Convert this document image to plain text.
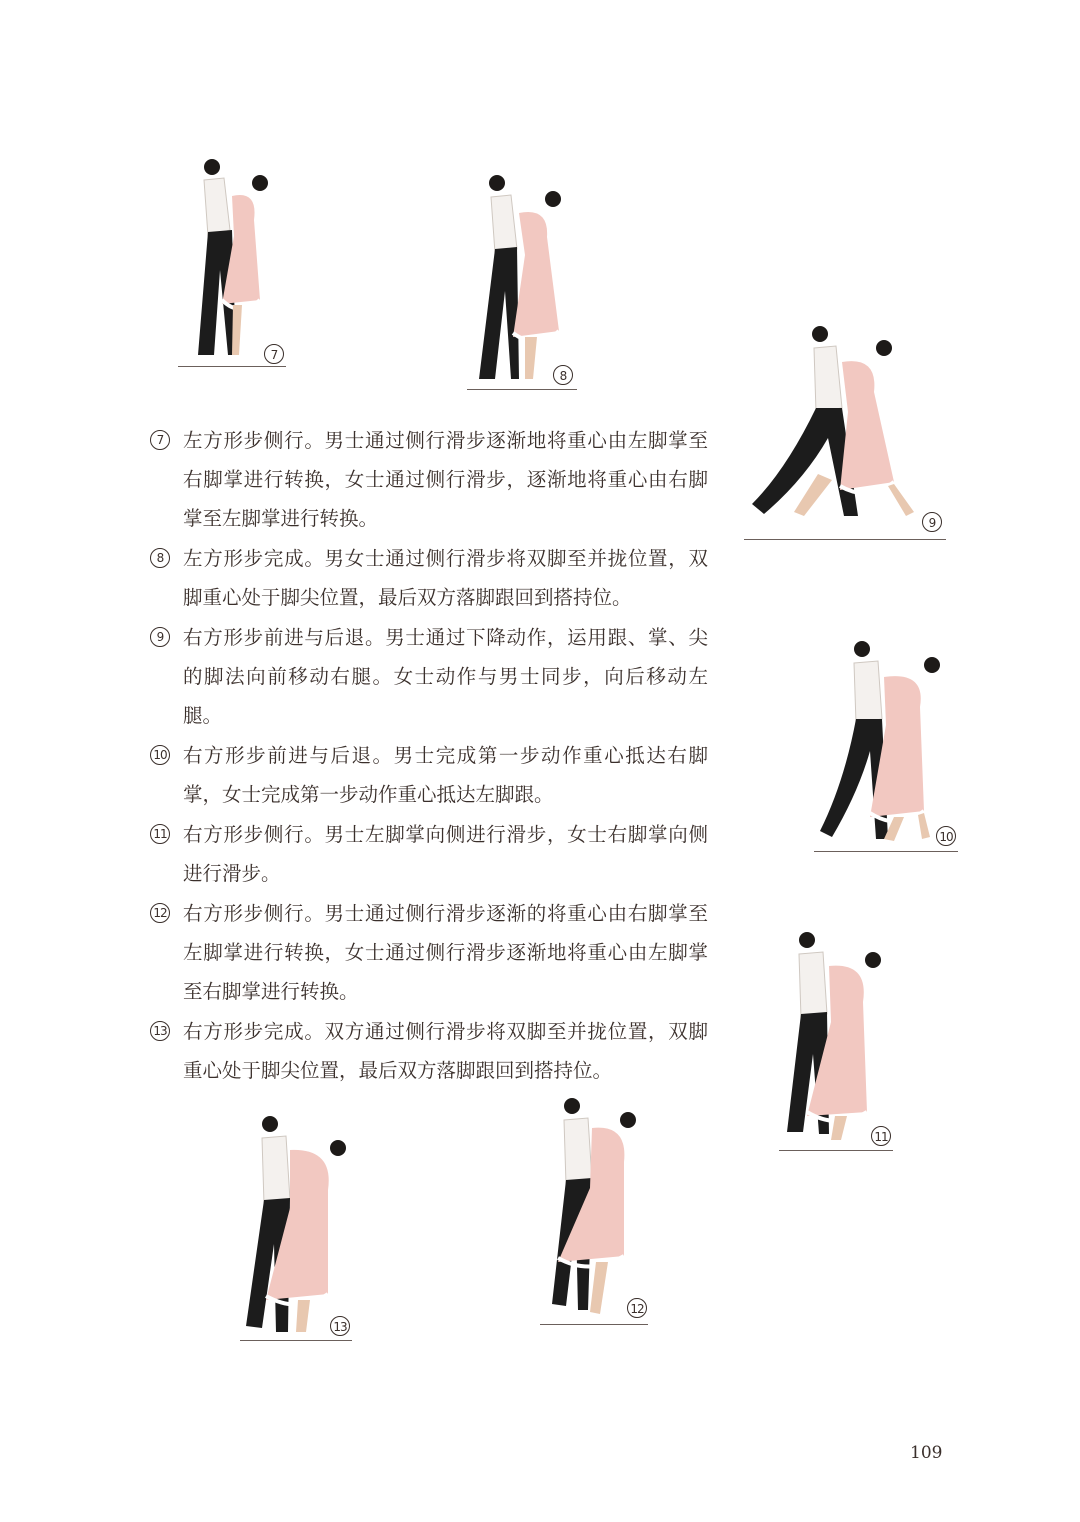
7
8
9
10
11
12
13
7	左方形步侧行。男士通过侧行滑步逐渐地将重心由左脚掌至右脚掌进行转换，女士通过侧行滑步，逐渐地将重心由右脚掌至左脚掌进行转换。
8	左方形步完成。男女士通过侧行滑步将双脚至并拢位置，双脚重心处于脚尖位置，最后双方落脚跟回到搭持位。
9	右方形步前进与后退。男士通过下降动作，运用跟、掌、尖的脚法向前移动右腿。女士动作与男士同步，向后移动左腿。
10 右方形步前进与后退。男士完成第一步动作重心抵达右脚掌，女士完成第一步动作重心抵达左脚跟。
11 右方形步侧行。男士左脚掌向侧进行滑步，女士右脚掌向侧进行滑步。
12 右方形步侧行。男士通过侧行滑步逐渐的将重心由右脚掌至左脚掌进行转换，女士通过侧行滑步逐渐地将重心由左脚掌至右脚掌进行转换。
13 右方形步完成。双方通过侧行滑步将双脚至并拢位置，双脚重心处于脚尖位置，最后双方落脚跟回到搭持位。
109
